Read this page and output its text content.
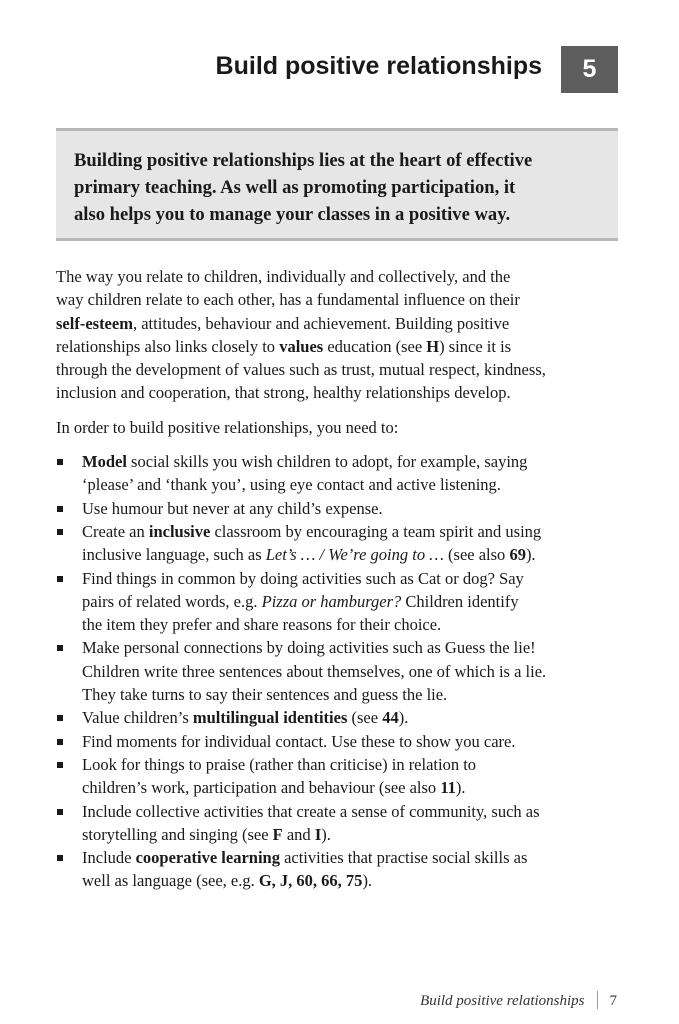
Build positive relationships	5

Building positive relationships lies at the heart of effective
primary teaching. As well as promoting participation, it
also helps you to manage your classes in a positive way.

The way you relate to children, individually and collectively, and the
way children relate to each other, has a fundamental influence on their
self-esteem, attitudes, behaviour and achievement. Building positive
relationships also links closely to values education (see H) since it is
through the development of values such as trust, mutual respect, kindness,
inclusion and cooperation, that strong, healthy relationships develop.

In order to build positive relationships, you need to:

Model social skills you wish children to adopt, for example, saying
‘please’ and ‘thank you’, using eye contact and active listening.
Use humour but never at any child’s expense.
Create an inclusive classroom by encouraging a team spirit and using
inclusive language, such as Let’s … / We’re going to … (see also 69).
Find things in common by doing activities such as Cat or dog? Say
pairs of related words, e.g. Pizza or hamburger? Children identify
the item they prefer and share reasons for their choice.
Make personal connections by doing activities such as Guess the lie!
Children write three sentences about themselves, one of which is a lie.
They take turns to say their sentences and guess the lie.
Value children’s multilingual identities (see 44).
Find moments for individual contact. Use these to show you care.
Look for things to praise (rather than criticise) in relation to
children’s work, participation and behaviour (see also 11).
Include collective activities that create a sense of community, such as
storytelling and singing (see F and I).
Include cooperative learning activities that practise social skills as
well as language (see, e.g. G, J, 60, 66, 75).
Build positive relationships 7
